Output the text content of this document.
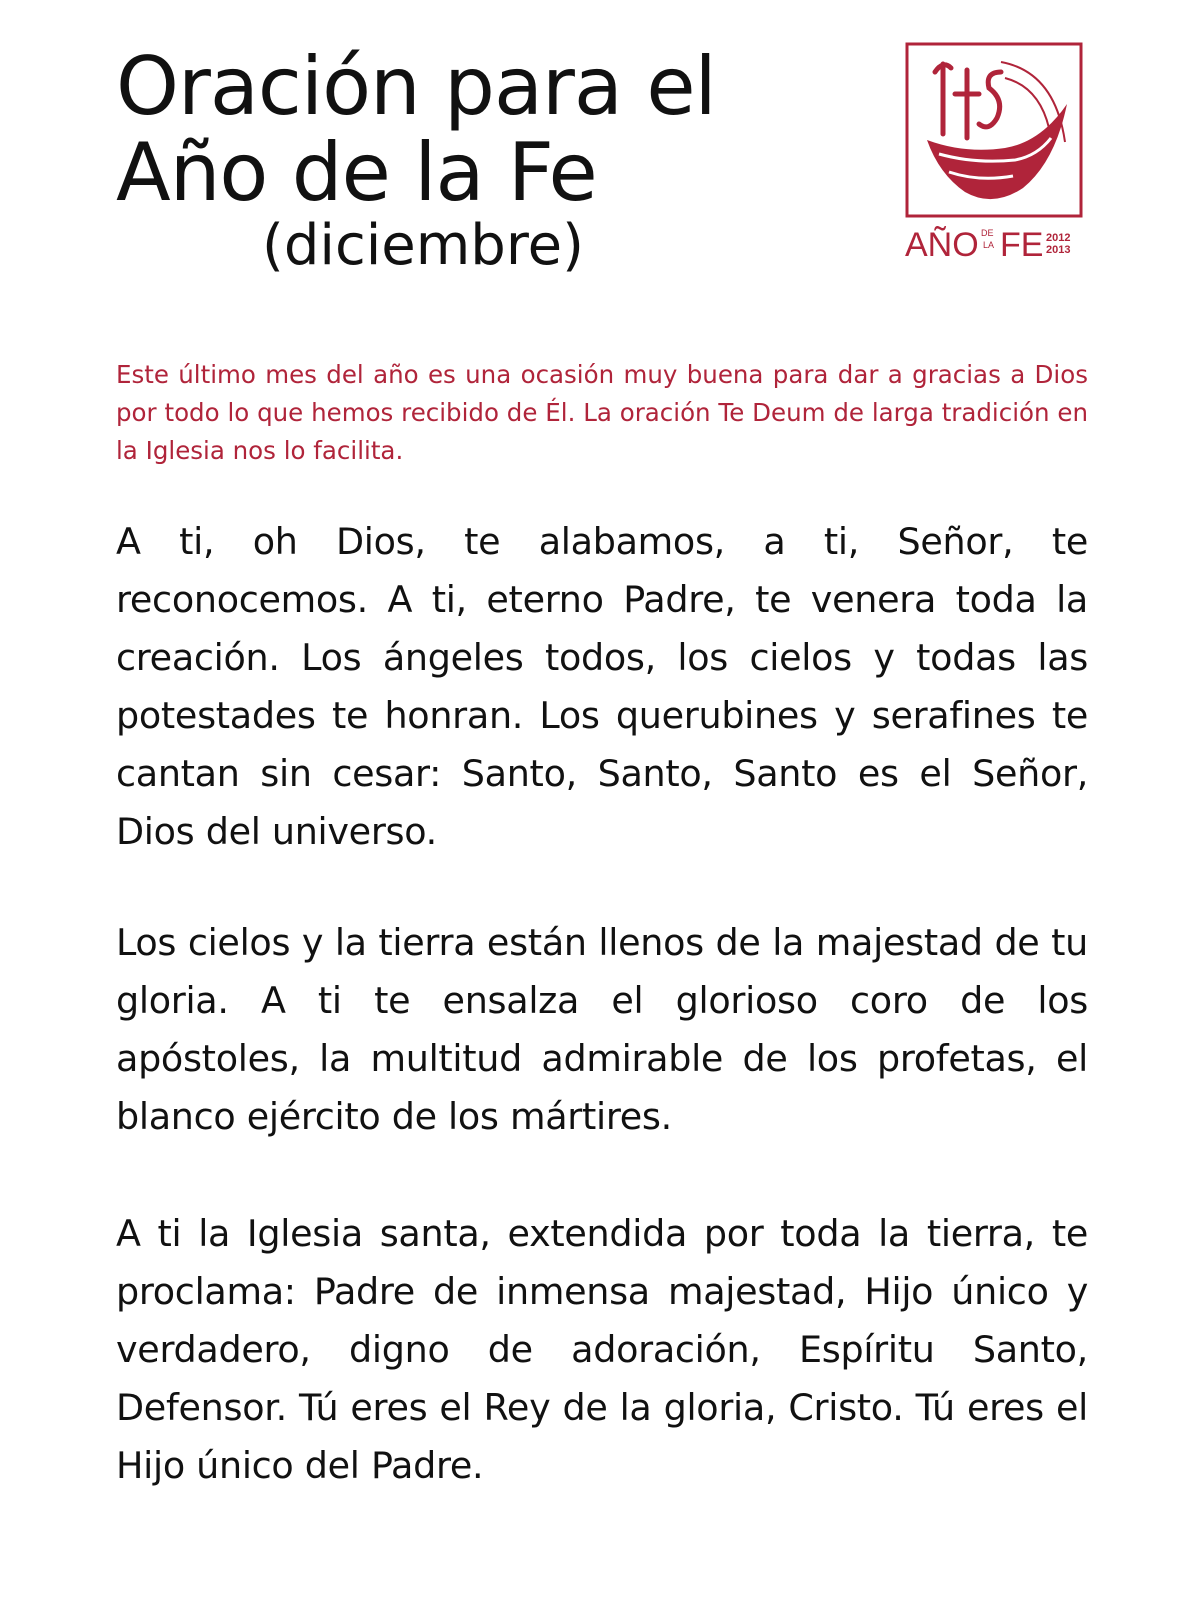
Oración para el
Año de la Fe
(diciembre)	AÑO DE
LA FE 2012
2013

Este último mes del año es una ocasión muy buena para dar a gracias a Dios por todo lo que hemos recibido de Él. La oración Te Deum de larga tradición en la Iglesia nos lo facilita.

A ti, oh Dios, te alabamos, a ti, Señor, te reconocemos. A ti, eterno Padre, te venera toda la creación. Los ángeles todos, los cielos y todas las potestades te honran. Los querubines y serafines te cantan sin cesar: Santo, Santo, Santo es el Señor, Dios del universo.

Los cielos y la tierra están llenos de la majestad de tu gloria. A ti te ensalza el glorioso coro de los apóstoles, la multitud admirable de los profetas, el blanco ejército de los mártires.

A ti la Iglesia santa, extendida por toda la tierra, te proclama: Padre de inmensa majestad, Hijo único y verdadero, digno de adoración, Espíritu Santo, Defensor. Tú eres el Rey de la gloria, Cristo. Tú eres el Hijo único del Padre.
